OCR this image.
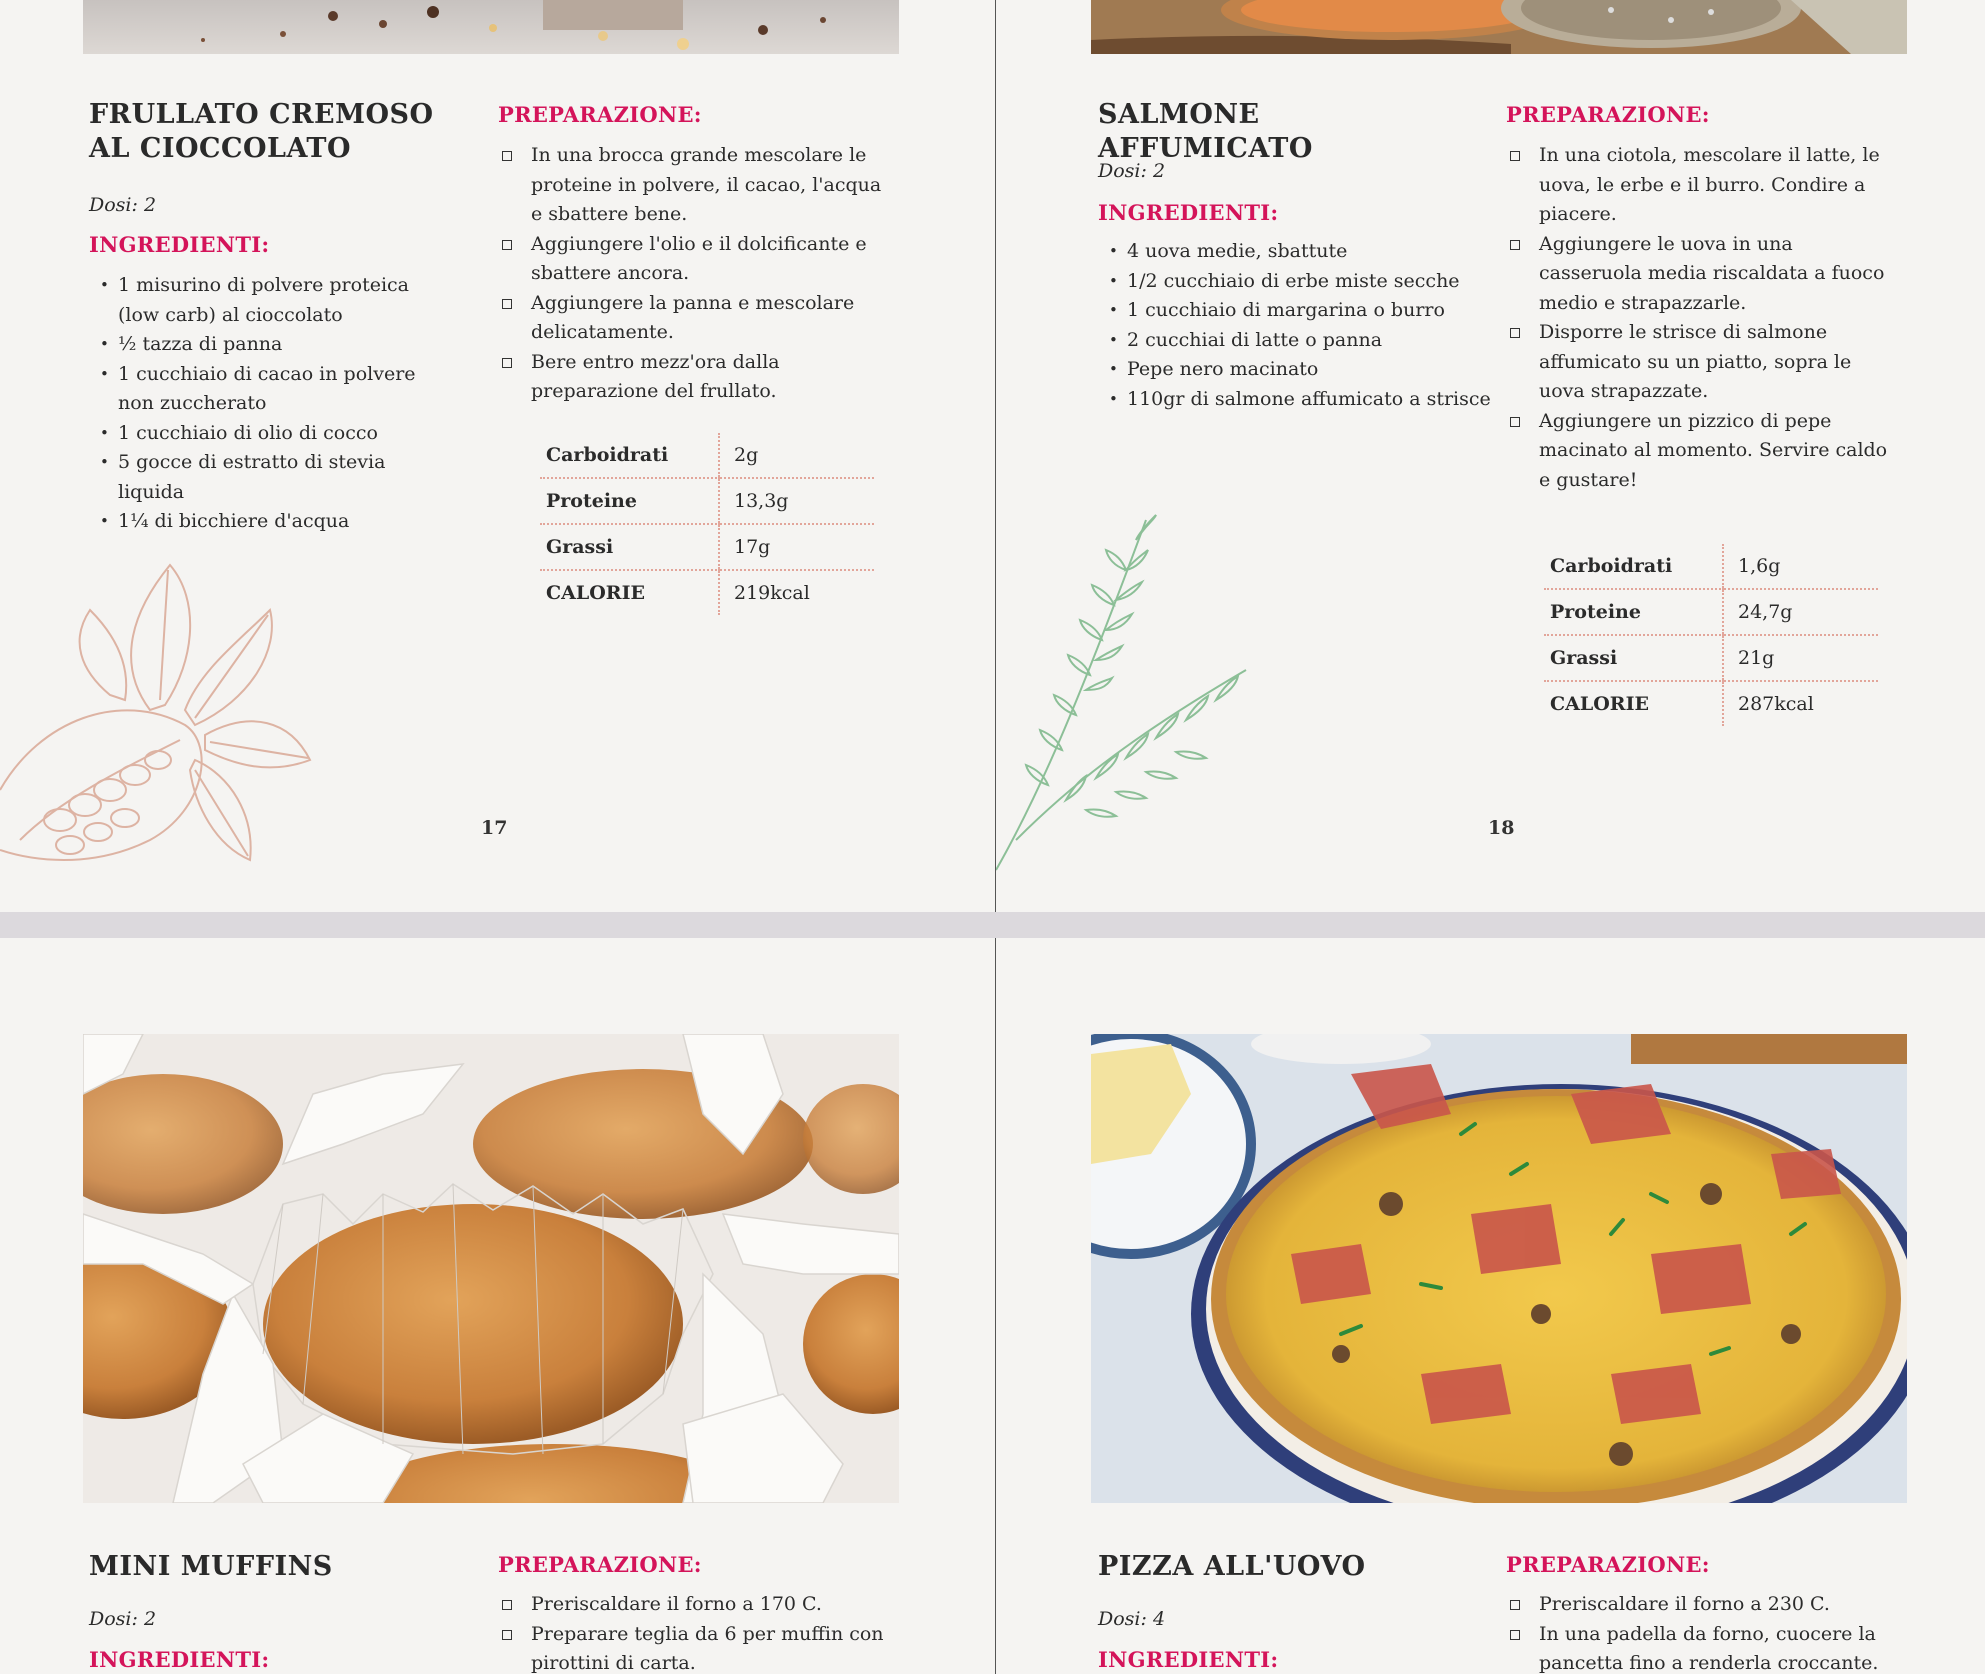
FRULLATO CREMOSO AL CIOCCOLATO
Dosi: 2
INGREDIENTI:
• 1 misurino di polvere proteica (low carb) al cioccolato
• ½ tazza di panna
• 1 cucchiaio di cacao in polvere non zuccherato
• 1 cucchiaio di olio di cocco
• 5 gocce di estratto di stevia liquida
• 1¼ di bicchiere d'acqua
PREPARAZIONE:
In una brocca grande mescolare le proteine in polvere, il cacao, l'acqua e sbattere bene.
Aggiungere l'olio e il dolcificante e sbattere ancora.
Aggiungere la panna e mescolare delicatamente.
Bere entro mezz'ora dalla preparazione del frullato.
Carboidrati	2g
Proteine	13,3g
Grassi	17g
CALORIE	219kcal
17
SALMONE AFFUMICATO
Dosi: 2
INGREDIENTI:
• 4 uova medie, sbattute
• 1/2 cucchiaio di erbe miste secche
• 1 cucchiaio di margarina o burro
• 2 cucchiai di latte o panna
• Pepe nero macinato
• 110gr di salmone affumicato a strisce
PREPARAZIONE:
In una ciotola, mescolare il latte, le uova, le erbe e il burro. Condire a piacere.
Aggiungere le uova in una casseruola media riscaldata a fuoco medio e strapazzarle.
Disporre le strisce di salmone affumicato su un piatto, sopra le uova strapazzate.
Aggiungere un pizzico di pepe macinato al momento. Servire caldo e gustare!
Carboidrati	1,6g
Proteine	24,7g
Grassi	21g
CALORIE	287kcal
18
MINI MUFFINS
Dosi: 2
INGREDIENTI:
PREPARAZIONE:
Preriscaldare il forno a 170 C.
Preparare teglia da 6 per muffin con pirottini di carta.
PIZZA ALL'UOVO
Dosi: 4
INGREDIENTI:
PREPARAZIONE:
Preriscaldare il forno a 230 C.
In una padella da forno, cuocere la pancetta fino a renderla croccante.
